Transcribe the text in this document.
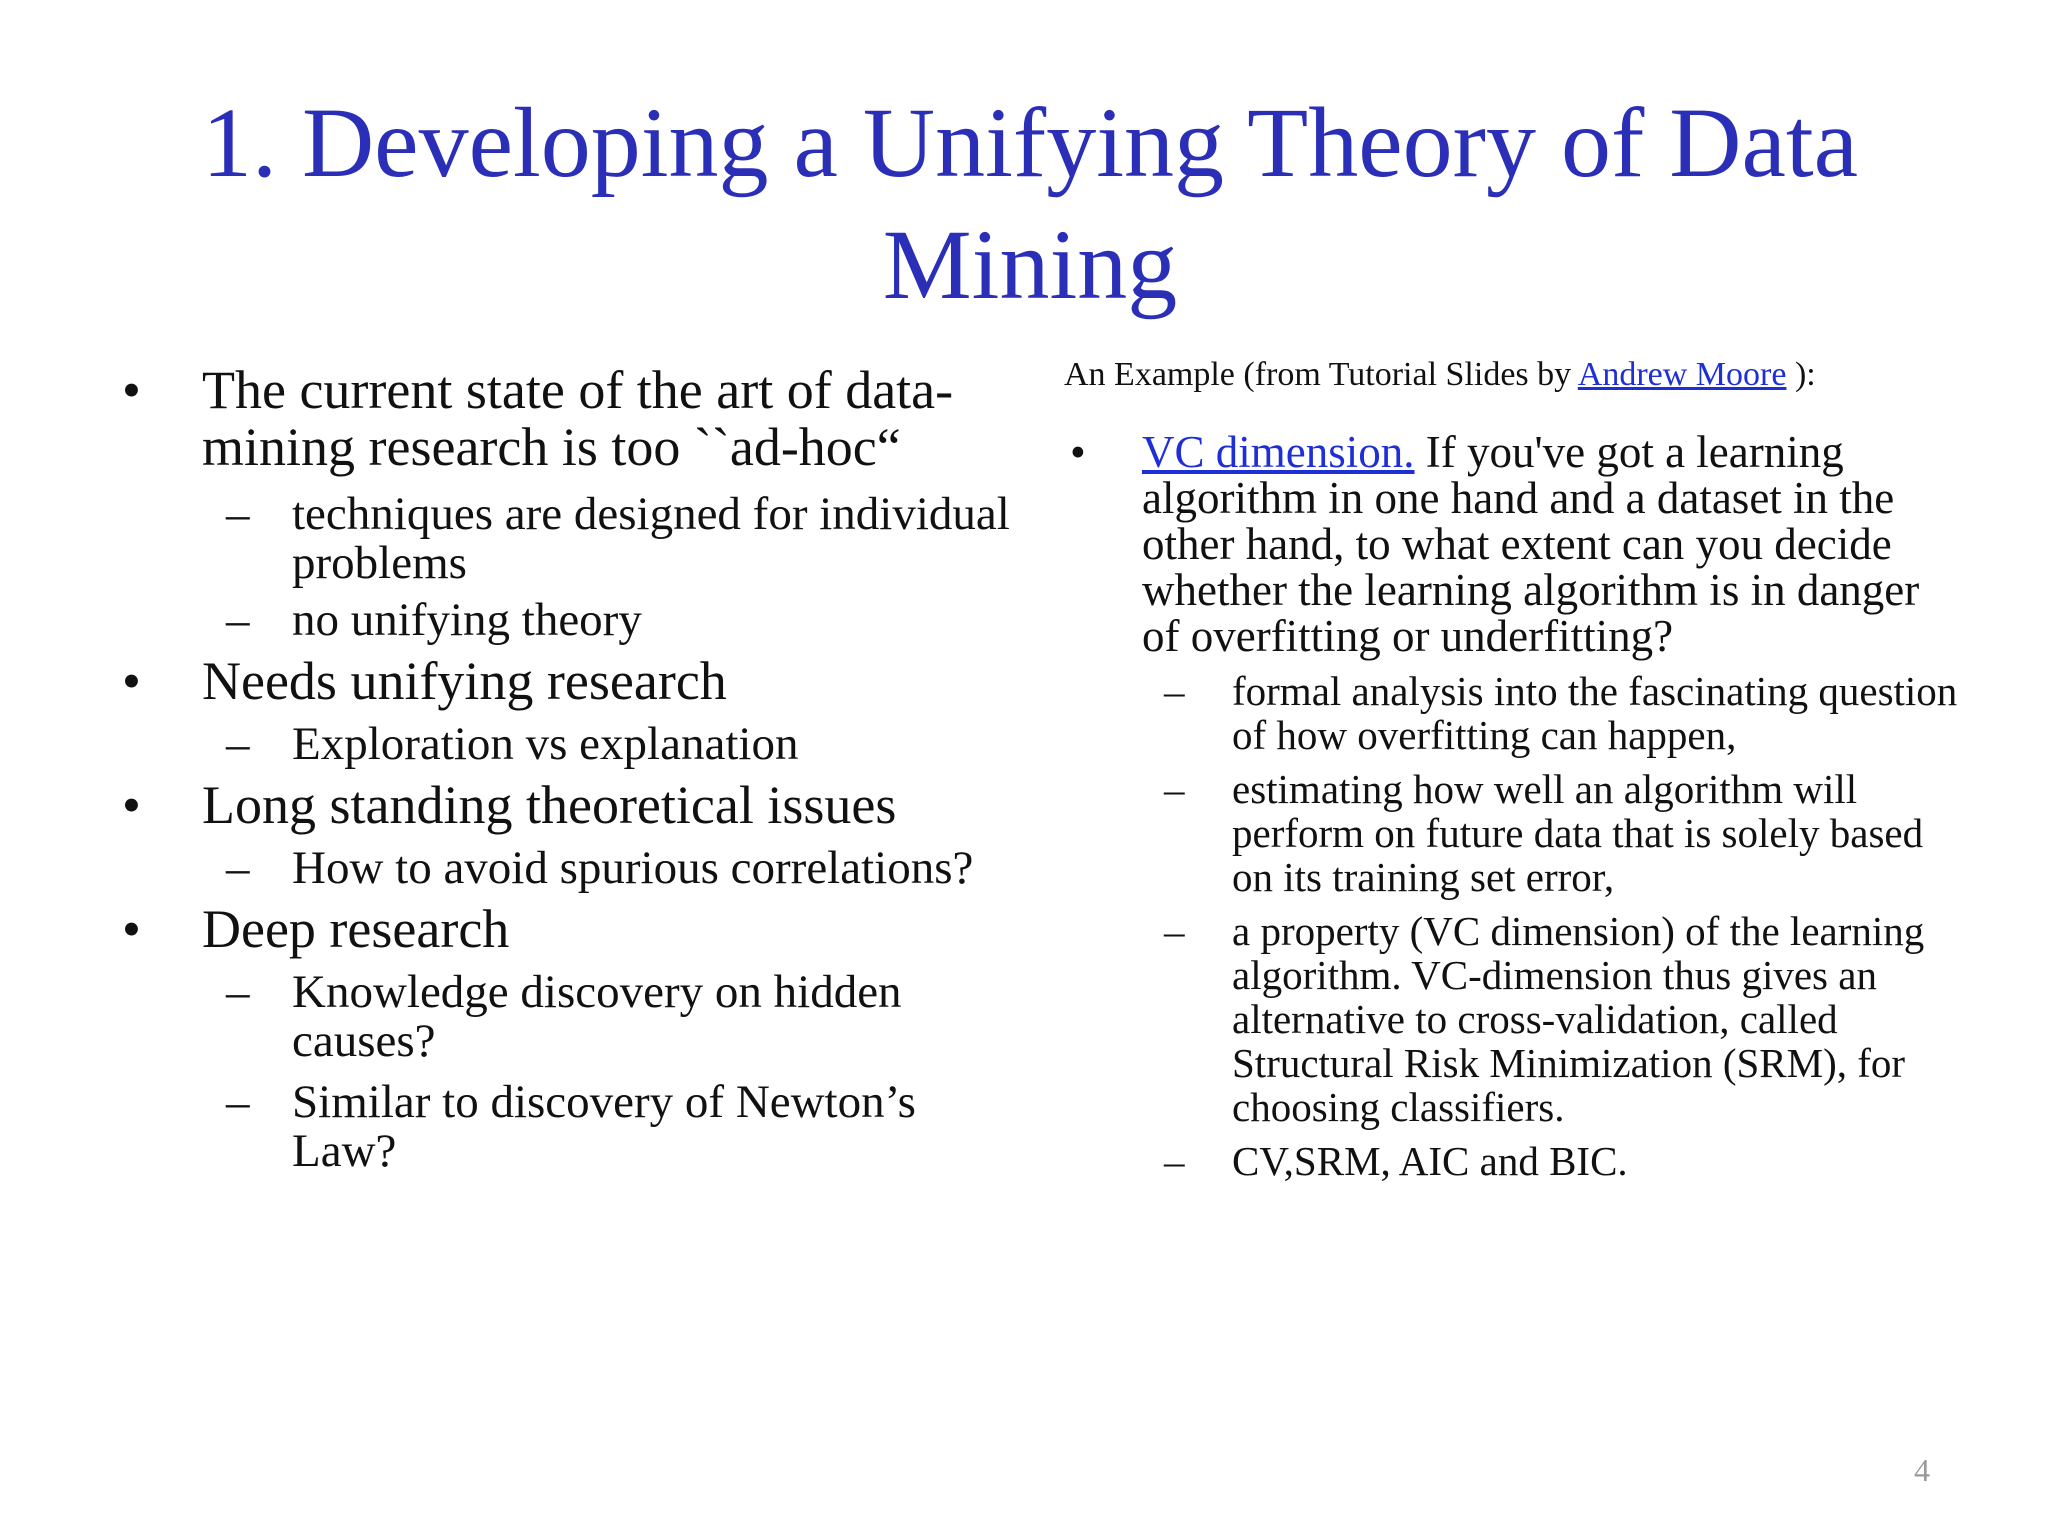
1. Developing a Unifying Theory of Data
Mining
• The current state of the art of data-mining research is too ``ad-hoc“

– techniques are designed for individual problems

– no unifying theory

• Needs unifying research

– Exploration vs explanation

• Long standing theoretical issues

– How to avoid spurious correlations?

• Deep research

– Knowledge discovery on hidden causes?

– Similar to discovery of Newton’s Law?

An Example (from Tutorial Slides by Andrew Moore ):

• VC dimension. If you've got a learning algorithm in one hand and a dataset in the other hand, to what extent can you decide whether the learning algorithm is in danger of overfitting or underfitting?

– formal analysis into the fascinating question of how overfitting can happen,

– estimating how well an algorithm will perform on future data that is solely based on its training set error,

– a property (VC dimension) of the learning algorithm. VC-dimension thus gives an alternative to cross-validation, called Structural Risk Minimization (SRM), for choosing classifiers.

– CV,SRM, AIC and BIC.

4
